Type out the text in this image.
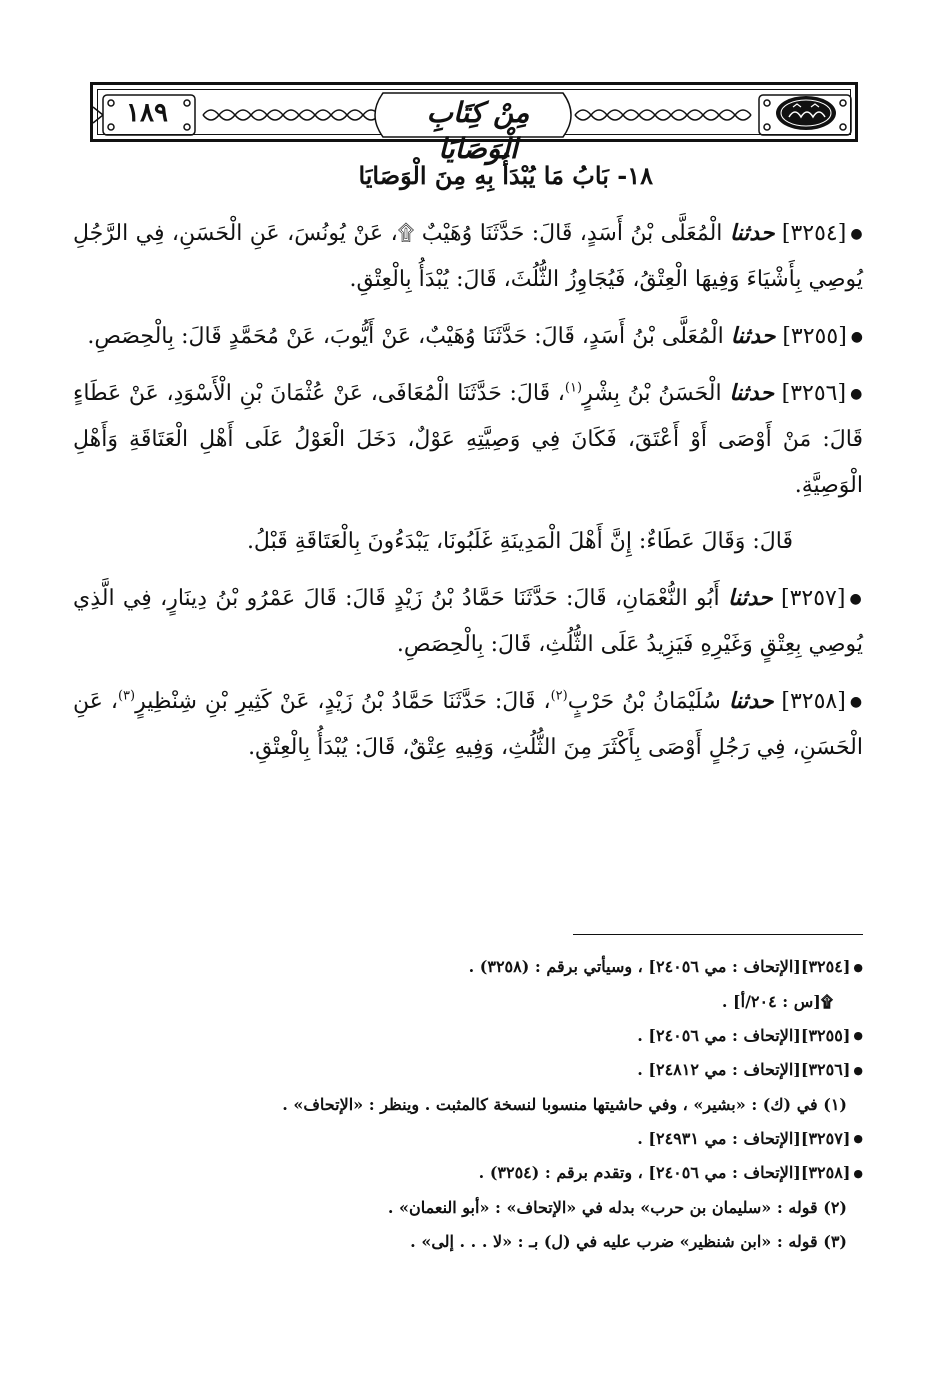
١٨٩	مِنْ كِتَابِ الْوَصَايَا
١٨- بَابُ مَا يُبْدَأُ بِهِ مِنَ الْوَصَايَا

●[٣٢٥٤] حدثنا الْمُعَلَّى بْنُ أَسَدٍ، قَالَ: حَدَّثَنَا وُهَيْبٌ ۩، عَنْ يُونُسَ، عَنِ الْحَسَنِ، فِي الرَّجُلِ يُوصِي بِأَشْيَاءَ وَفِيهَا الْعِتْقُ، فَيُجَاوِزُ الثُّلُثَ، قَالَ: يُبْدَأُ بِالْعِتْقِ.

●[٣٢٥٥] حدثنا الْمُعَلَّى بْنُ أَسَدٍ، قَالَ: حَدَّثَنَا وُهَيْبٌ، عَنْ أَيُّوبَ، عَنْ مُحَمَّدٍ قَالَ: بِالْحِصَصِ.

●[٣٢٥٦] حدثنا الْحَسَنُ بْنُ بِشْرٍ$^{(١)}$، قَالَ: حَدَّثَنَا الْمُعَافَى، عَنْ عُثْمَانَ بْنِ الْأَسْوَدِ، عَنْ عَطَاءٍ قَالَ: مَنْ أَوْصَى أَوْ أَعْتَقَ، فَكَانَ فِي وَصِيَّتِهِ عَوْلٌ، دَخَلَ الْعَوْلُ عَلَى أَهْلِ الْعَتَاقَةِ وَأَهْلِ الْوَصِيَّةِ.

قَالَ: وَقَالَ عَطَاءٌ: إِنَّ أَهْلَ الْمَدِينَةِ غَلَبُونَا، يَبْدَءُونَ بِالْعَتَاقَةِ قَبْلُ.

●[٣٢٥٧] حدثنا أَبُو النُّعْمَانِ، قَالَ: حَدَّثَنَا حَمَّادُ بْنُ زَيْدٍ قَالَ: قَالَ عَمْرُو بْنُ دِينَارٍ، فِي الَّذِي يُوصِي بِعِتْقٍ وَغَيْرِهِ فَيَزِيدُ عَلَى الثُّلُثِ، قَالَ: بِالْحِصَصِ.

●[٣٢٥٨] حدثنا سُلَيْمَانُ بْنُ حَرْبٍ$^{(٢)}$، قَالَ: حَدَّثَنَا حَمَّادُ بْنُ زَيْدٍ، عَنْ كَثِيرِ بْنِ شِنْظِيرٍ$^{(٣)}$، عَنِ الْحَسَنِ، فِي رَجُلٍ أَوْصَى بِأَكْثَرَ مِنَ الثُّلُثِ، وَفِيهِ عِتْقٌ، قَالَ: يُبْدَأُ بِالْعِتْقِ.

●[٣٢٥٤][الإتحاف : مي ٢٤٠٥٦] ، وسيأتي برقم : (٣٢٥٨) .

۩[س : ٢٠٤/أ] .

●[٣٢٥٥][الإتحاف : مي ٢٤٠٥٦] .

●[٣٢٥٦][الإتحاف : مي ٢٤٨١٢] .

(١) في (ك) : «بشير» ، وفي حاشيتها منسوبا لنسخة كالمثبت . وينظر : «الإتحاف» .

●[٣٢٥٧][الإتحاف : مي ٢٤٩٣١] .

●[٣٢٥٨][الإتحاف : مي ٢٤٠٥٦] ، وتقدم برقم : (٣٢٥٤) .

(٢) قوله : «سليمان بن حرب» بدله في «الإتحاف» : «أبو النعمان» .

(٣) قوله : «ابن شنظير» ضرب عليه في (ل) بـ : «لا . . . إلى» .
